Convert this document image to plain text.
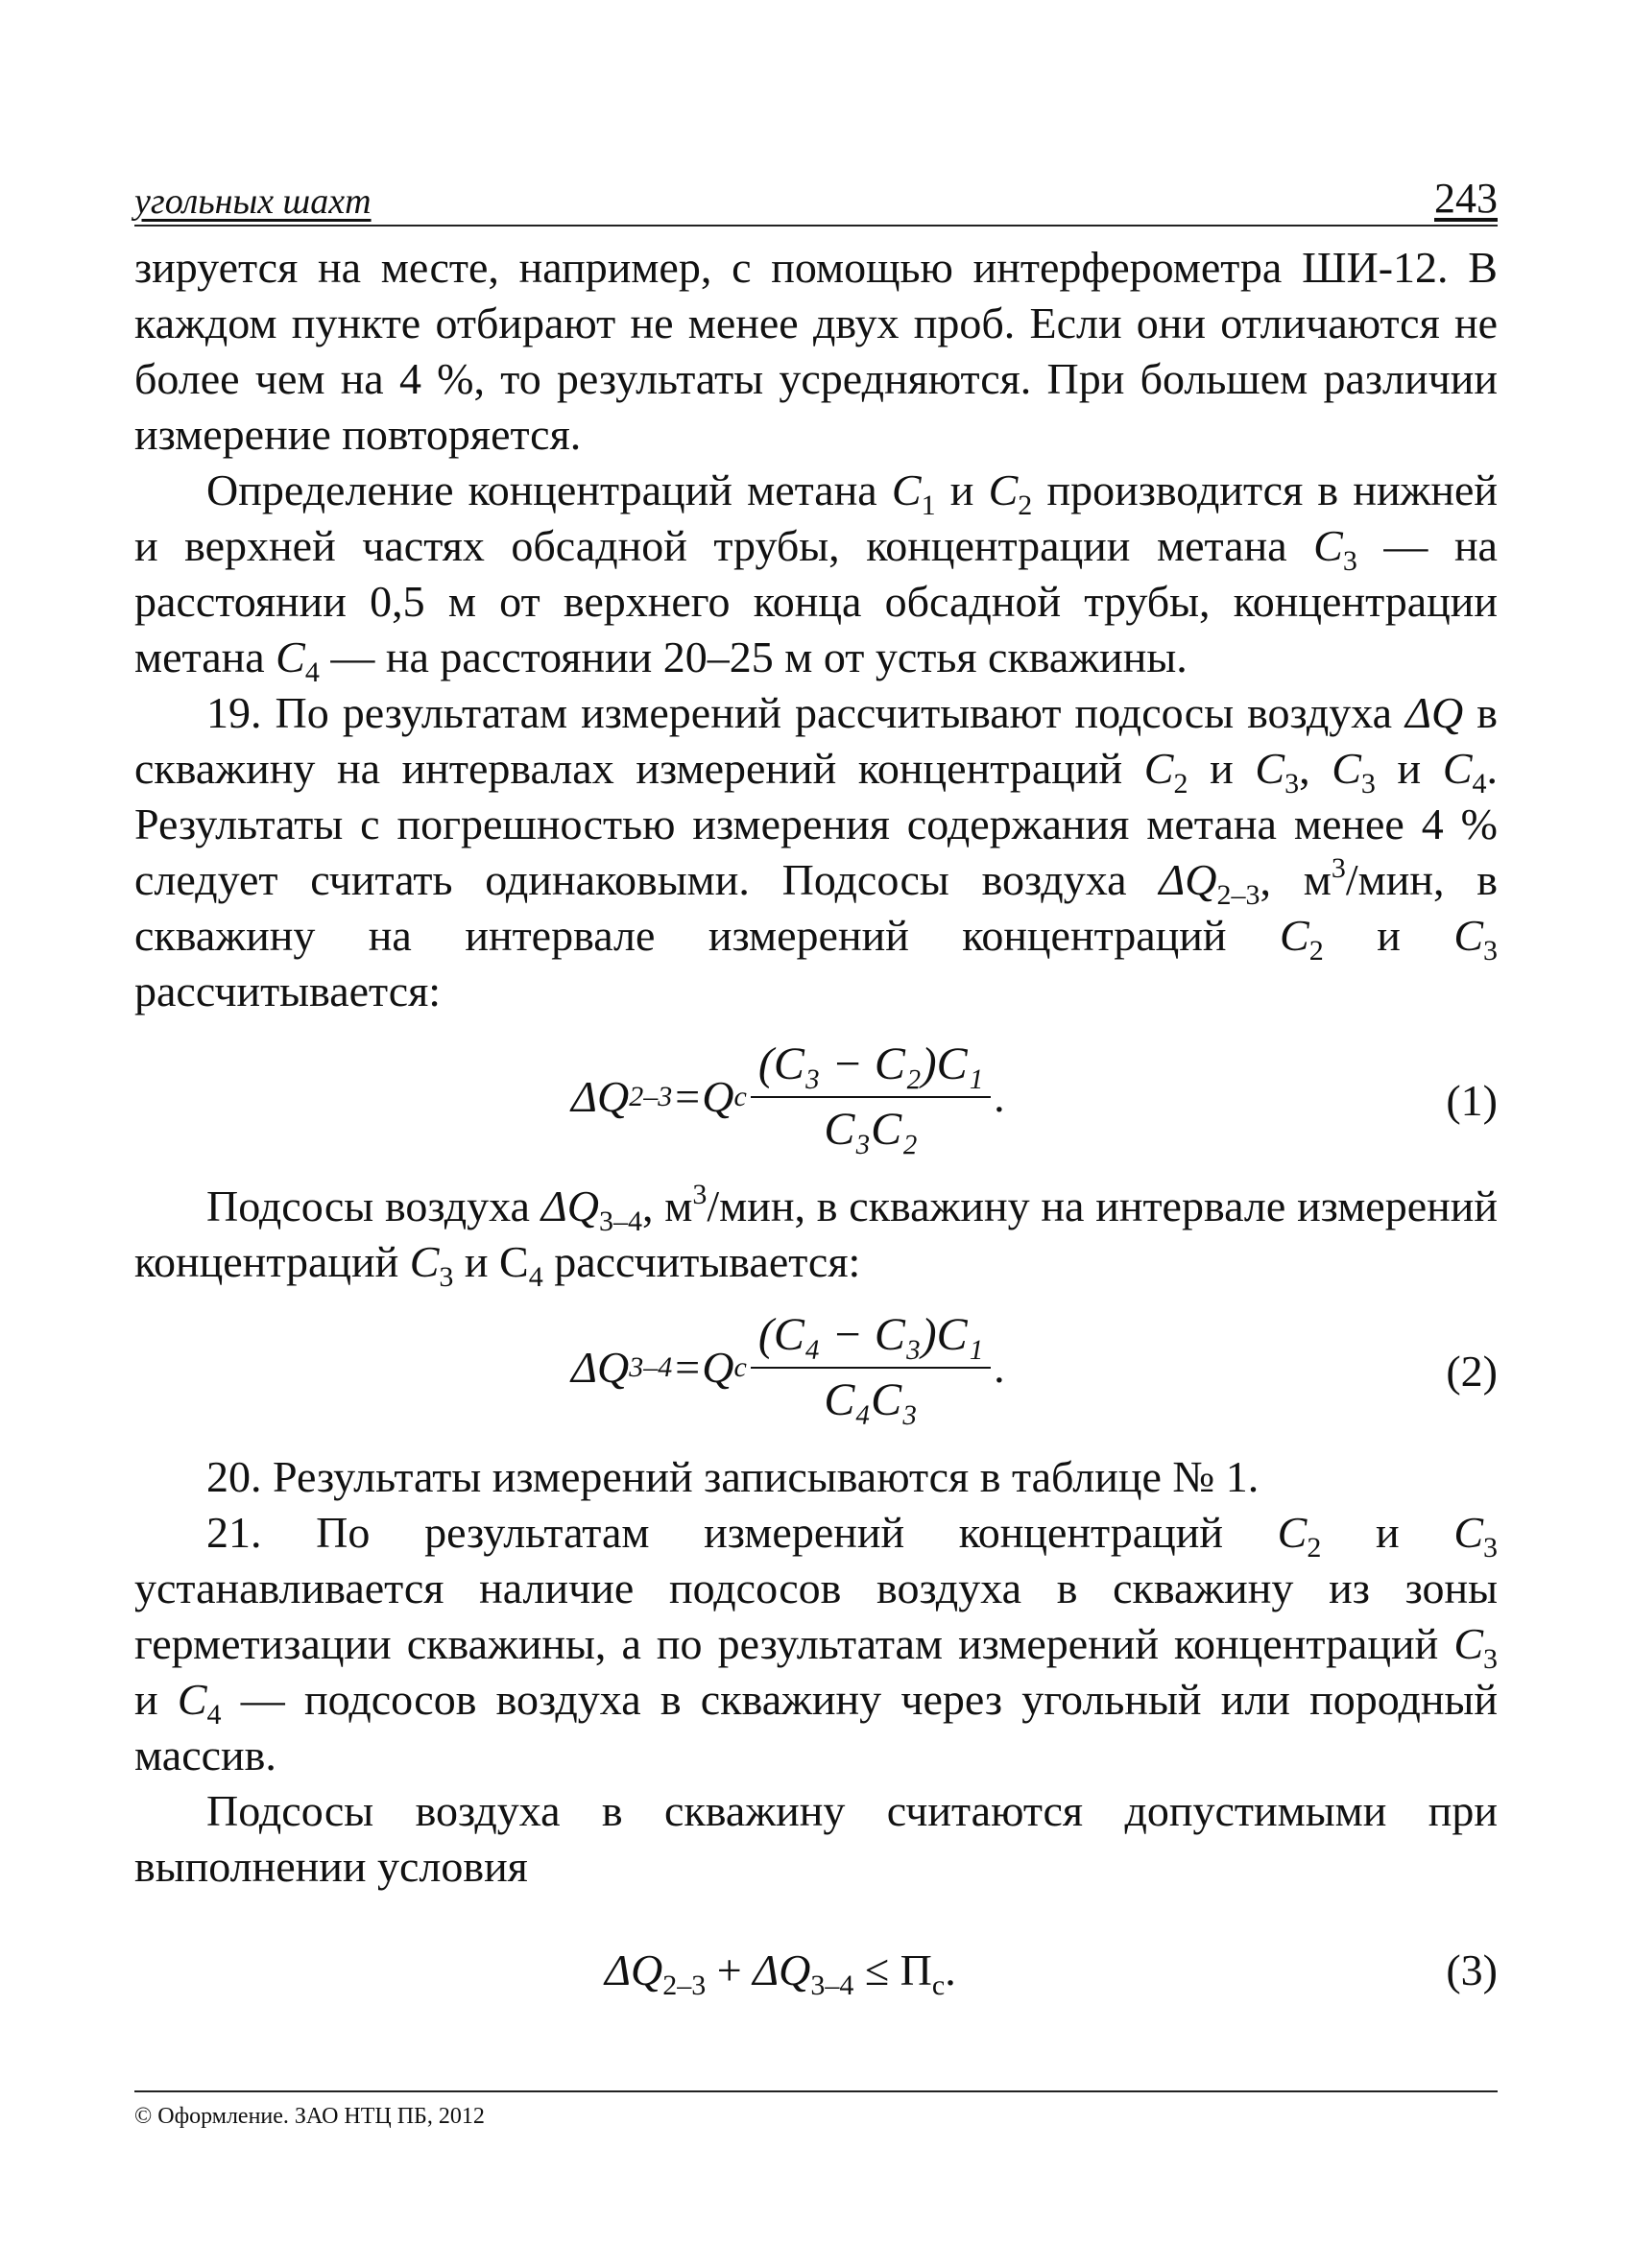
угольных шахт	243

зируется на месте, например, с помощью интерферометра ШИ-12. В каждом пункте отбирают не менее двух проб. Если они отличаются не более чем на 4 %, то результаты усредняются. При большем различии измерение повторяется.

Определение концентраций метана $C_1$ и $C_2$ производится в нижней и верхней частях обсадной трубы, концентрации метана $C_3$ — на расстоянии 0,5 м от верхнего конца обсадной трубы, концентрации метана $C_4$ — на расстоянии 20–25 м от устья скважины.

19. По результатам измерений рассчитывают подсосы воздуха ΔQ в скважину на интервалах измерений концентраций $C_2$ и $C_3$, $C_3$ и $C_4$. Результаты с погрешностью измерения содержания метана менее 4 % следует считать одинаковыми. Подсосы воздуха $\Delta Q_{2-3}$, $м^3$/мин, в скважину на интервале измерений концентраций $C_2$ и $C_3$ рассчитывается:

ΔQ 2–3 = Q c $\frac{\text{(C₃ − C₂)C₁}}{\text{C₃C₂}}$ .	(1)

Подсосы воздуха $\Delta Q_{3-4}$, $м^3$/мин, в скважину на интервале измерений концентраций $C_3$ и $С_4$ рассчитывается:

ΔQ 3–4 = Q c $\frac{\text{(C₄ − C₃)C₁}}{\text{C₄C₃}}$ .	(2)

20. Результаты измерений записываются в таблице № 1.

21. По результатам измерений концентраций $C_2$ и $C_3$ устанавливается наличие подсосов воздуха в скважину из зоны герметизации скважины, а по результатам измерений концентраций $C_3$ и $C_4$ — подсосов воздуха в скважину через угольный или породный массив.

Подсосы воздуха в скважину считаются допустимыми при выполнении условия

$\Delta Q_{2-3} + \Delta Q_{3-4} \le П_c$.	(3)
© Оформление. ЗАО НТЦ ПБ, 2012
